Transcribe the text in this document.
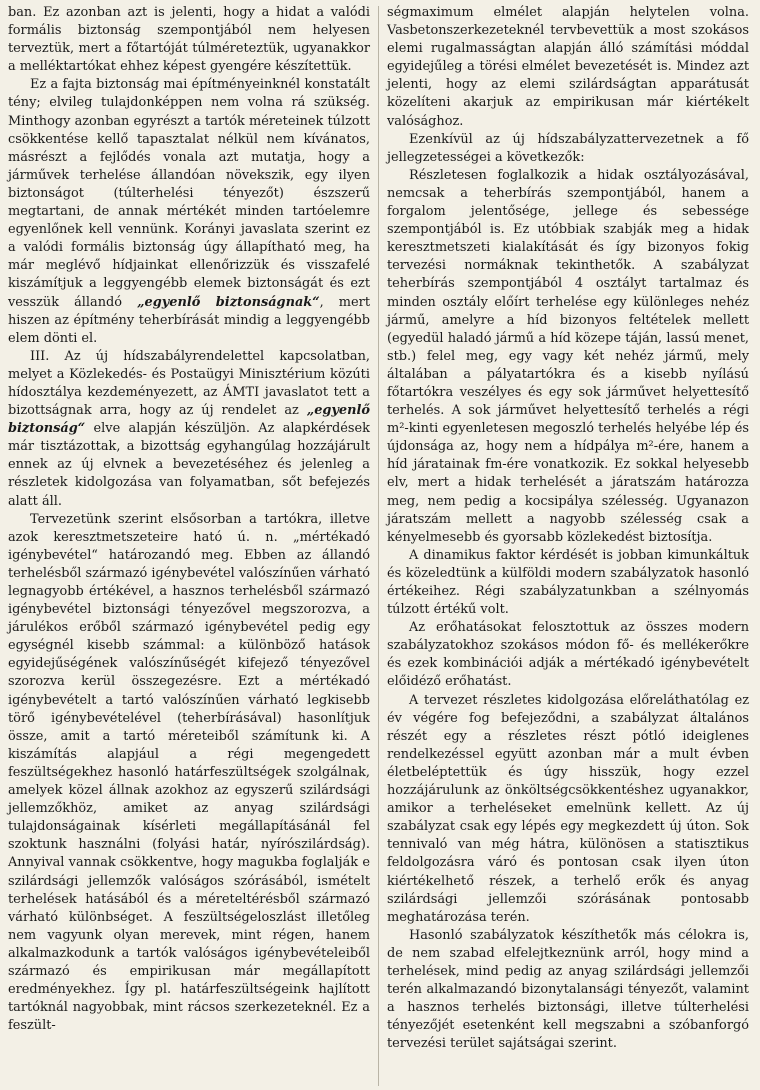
ban. Ez azonban azt is jelenti, hogy a hidat a valódi formális biztonság szempontjából nem helyesen terveztük, mert a főtartóját túlméreteztük, ugyanakkor a melléktartókat ehhez képest gyengére készítettük.

Ez a fajta biztonság mai építményeinknél konstatált tény; elvileg tulajdonképpen nem volna rá szükség. Minthogy azonban egyrészt a tartók méreteinek túlzott csökkentése kellő tapasztalat nélkül nem kívánatos, másrészt a fejlődés vonala azt mutatja, hogy a járművek terhelése állandóan növekszik, egy ilyen biztonságot (túlterhelési tényezőt) észszerű megtartani, de annak mértékét minden tartóelemre egyenlőnek kell vennünk. Korányi javaslata szerint ez a valódi formális biztonság úgy állapítható meg, ha már meglévő hídjainkat ellenőrizzük és visszafelé kiszámítjuk a leggyengébb elemek biztonságát és ezt vesszük állandó „egyenlő biztonságnak“, mert hiszen az építmény teherbírását mindig a leggyengébb elem dönti el.

III. Az új hídszabályrendelettel kapcsolatban, melyet a Közlekedés- és Postaügyi Minisztérium közúti hídosztálya kezdeményezett, az ÁMTI javaslatot tett a bizottságnak arra, hogy az új rendelet az „egyenlő biztonság“ elve alapján készüljön. Az alapkérdések már tisztázottak, a bizottság egyhangúlag hozzájárult ennek az új elvnek a bevezetéséhez és jelenleg a részletek kidolgozása van folyamatban, sőt befejezés alatt áll.

Tervezetünk szerint elsősorban a tartókra, illetve azok keresztmetszeteire ható ú. n. „mértékadó igénybevétel“ határozandó meg. Ebben az állandó terhelésből származó igénybevétel valószínűen várható legnagyobb értékével, a hasznos terhelésből származó igénybevétel biztonsági tényezővel megszorozva, a járulékos erőből származó igénybevétel pedig egy egységnél kisebb számmal: a különböző hatások egyidejűségének valószínűségét kifejező tényezővel szorozva kerül összegezésre. Ezt a mértékadó igénybevételt a tartó valószínűen várható legkisebb törő igénybevételével (teherbírásával) hasonlítjuk össze, amit a tartó méreteiből számítunk ki. A kiszámítás alapjául a régi megengedett feszültségekhez hasonló határfeszültségek szolgálnak, amelyek közel állnak azokhoz az egyszerű szilárdsági jellemzőkhöz, amiket az anyag szilárdsági tulajdonságainak kísérleti megállapításánál fel szoktunk használni (folyási határ, nyírószilárdság). Annyival vannak csökkentve, hogy magukba foglalják e szilárdsági jellemzők valóságos szórásából, ismételt terhelések hatásából és a méreteltérésből származó várható különbséget. A feszültségeloszlást illetőleg nem vagyunk olyan merevek, mint régen, hanem alkalmazkodunk a tartók valóságos igénybevételeiből származó és empirikusan már megállapított eredményekhez. Így pl. határfeszültségeink hajlított tartóknál nagyobbak, mint rácsos szerkezeteknél. Ez a feszült-

ségmaximum elmélet alapján helytelen volna. Vasbetonszerkezeteknél tervbevettük a most szokásos elemi rugalmasságtan alapján álló számítási móddal egyidejűleg a törési elmélet bevezetését is. Mindez azt jelenti, hogy az elemi szilárdságtan apparátusát közelíteni akarjuk az empirikusan már kiértékelt valósághoz.

Ezenkívül az új hídszabályzattervezetnek a fő jellegzetességei a következők:

Részletesen foglalkozik a hidak osztályozásával, nemcsak a teherbírás szempontjából, hanem a forgalom jelentősége, jellege és sebessége szempontjából is. Ez utóbbiak szabják meg a hidak keresztmetszeti kialakítását és így bizonyos fokig tervezési normáknak tekinthetők. A szabályzat teherbírás szempontjából 4 osztályt tartalmaz és minden osztály előírt terhelése egy különleges nehéz jármű, amelyre a híd bizonyos feltételek mellett (egyedül haladó jármű a híd közepe táján, lassú menet, stb.) felel meg, egy vagy két nehéz jármű, mely általában a pályatartókra és a kisebb nyílású főtartókra veszélyes és egy sok járművet helyettesítő terhelés. A sok járművet helyettesítő terhelés a régi m²-kinti egyenletesen megoszló terhelés helyébe lép és újdonsága az, hogy nem a hídpálya m²-ére, hanem a híd járatainak fm-ére vonatkozik. Ez sokkal helyesebb elv, mert a hidak terhelését a járatszám határozza meg, nem pedig a kocsipálya szélesség. Ugyanazon járatszám mellett a nagyobb szélesség csak a kényelmesebb és gyorsabb közlekedést biztosítja.

A dinamikus faktor kérdését is jobban kimunkáltuk és közeledtünk a külföldi modern szabályzatok hasonló értékeihez. Régi szabályzatunkban a szélnyomás túlzott értékű volt.

Az erőhatásokat felosztottuk az összes modern szabályzatokhoz szokásos módon fő- és mellékerőkre és ezek kombinációi adják a mértékadó igénybevételt előidéző erőhatást.

A tervezet részletes kidolgozása előreláthatólag ez év végére fog befejeződni, a szabályzat általános részét egy a részletes részt pótló ideiglenes rendelkezéssel együtt azonban már a mult évben életbeléptettük és úgy hisszük, hogy ezzel hozzájárulunk az önköltségcsökkentéshez ugyanakkor, amikor a terheléseket emelnünk kellett. Az új szabályzat csak egy lépés egy megkezdett új úton. Sok tennivaló van még hátra, különösen a statisztikus feldolgozásra váró és pontosan csak ilyen úton kiértékelhető részek, a terhelő erők és anyag szilárdsági jellemzői szórásának pontosabb meghatározása terén.

Hasonló szabályzatok készíthetők más célokra is, de nem szabad elfelejtkeznünk arról, hogy mind a terhelések, mind pedig az anyag szilárdsági jellemzői terén alkalmazandó bizonytalansági tényezőt, valamint a hasznos terhelés biztonsági, illetve túlterhelési tényezőjét esetenként kell megszabni a szóbanforgó tervezési terület sajátságai szerint.
